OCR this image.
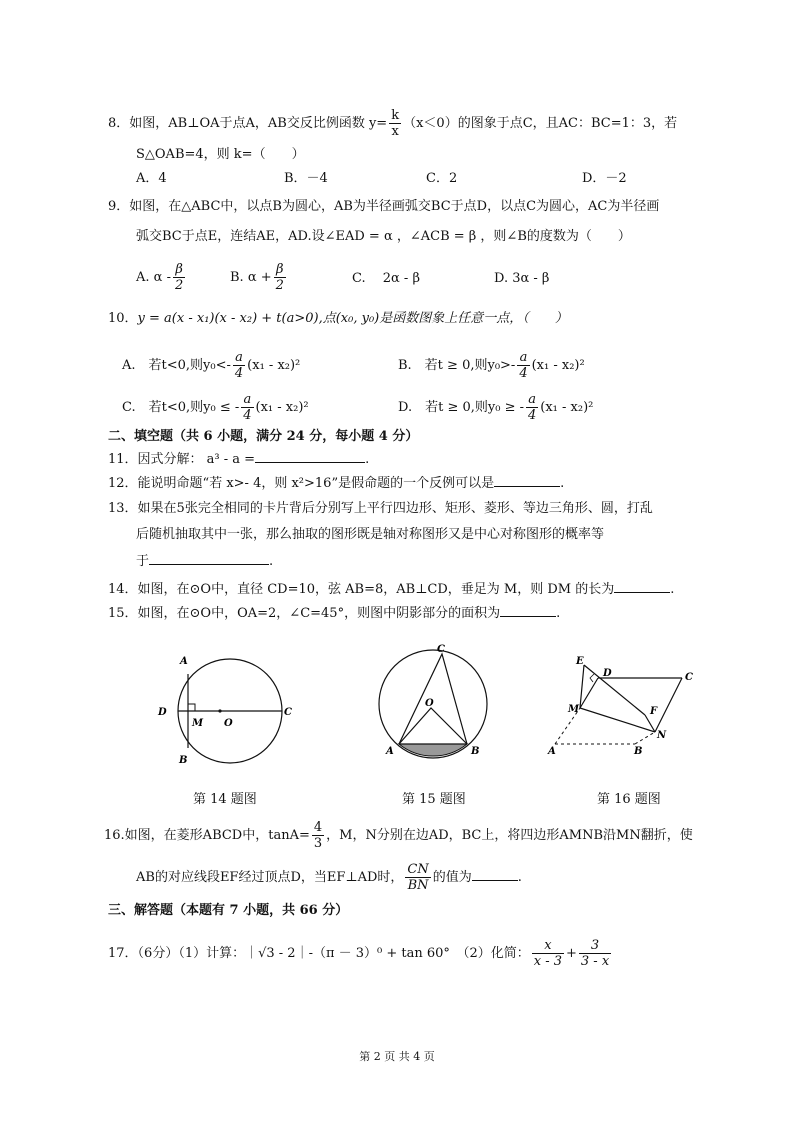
8．如图，AB⊥OA于点A，AB交反比例函数 $y= \frac{k}{x} (x<0)$的图象于点C，且AC：BC=1：3，若
S△OAB=4，则 k=（　　）
A．4	B．－4	C．2	D．－2
9．如图，在△ABC中，以点B为圆心，AB为半径画弧交BC于点D，以点C为圆心，AC为半径画
弧交BC于点E，连结AE，AD.设∠EAD = α ，∠ACB = β ，则∠B的度数为（　　）
A. α - $\frac{\beta}{2}$	B. $\alpha + \frac{\beta}{2}$	C.　 2α - β	D. 3α - β
10．y = a(x - x₁)(x - x₂) + t(a>0),点(x₀, y₀)是函数图象上任意一点，（　　）
A.　若t<0,则$y_0<- \frac{a}{4} (x_1 - x_2)^2$	B.　若t ≥ 0,则$y_0>- \frac{a}{4} (x_1 - x_2)^2$
C.　若t<0,则y₀ ≤ - $\frac{a}{4} (x_1 - x_2)^2$	D.　若t ≥ 0,则y₀ ≥ - $\frac{a}{4} (x_1 - x_2)^2$
二、填空题（共 6 小题，满分 24 分，每小题 4 分）
11．因式分解： a³ - a =	.
12．能说明命题“若 x>- 4，则 x²>16”是假命题的一个反例可以是	.
13．如果在5张完全相同的卡片背后分别写上平行四边形、矩形、菱形、等边三角形、圆，打乱
后随机抽取其中一张，那么抽取的图形既是轴对称图形又是中心对称图形的概率等
于	.
14．如图，在⊙O中，直径 CD=10，弦 AB=8，AB⊥CD，垂足为 M，则 DM 的长为	.
15．如图，在⊙O中，OA=2，∠C=45°，则图中阴影部分的面积为	.
A
B
C
D
M O
第 14 题图
C
O
A	B
第 15 题图
E
D	C
M	F
N
A	B
第 16 题图
16.如图，在菱形ABCD中，$\tan A= \frac{4}{3}$ ，M，N分别在边AD，BC上，将四边形AMNB沿MN翻折，使
AB的对应线段EF经过顶点D，当EF⊥AD时， $\frac{CN}{BN}$ 的值为	.
三、解答题（本题有 7 小题，共 66 分）
17．（6分）（1）计算：｜√3 - 2｜-（π － 3）⁰ + tan 60°　 （2）化简： $\frac{x}{x - 3} + \frac{3}{3 - x}$
第 2 页 共 4 页
